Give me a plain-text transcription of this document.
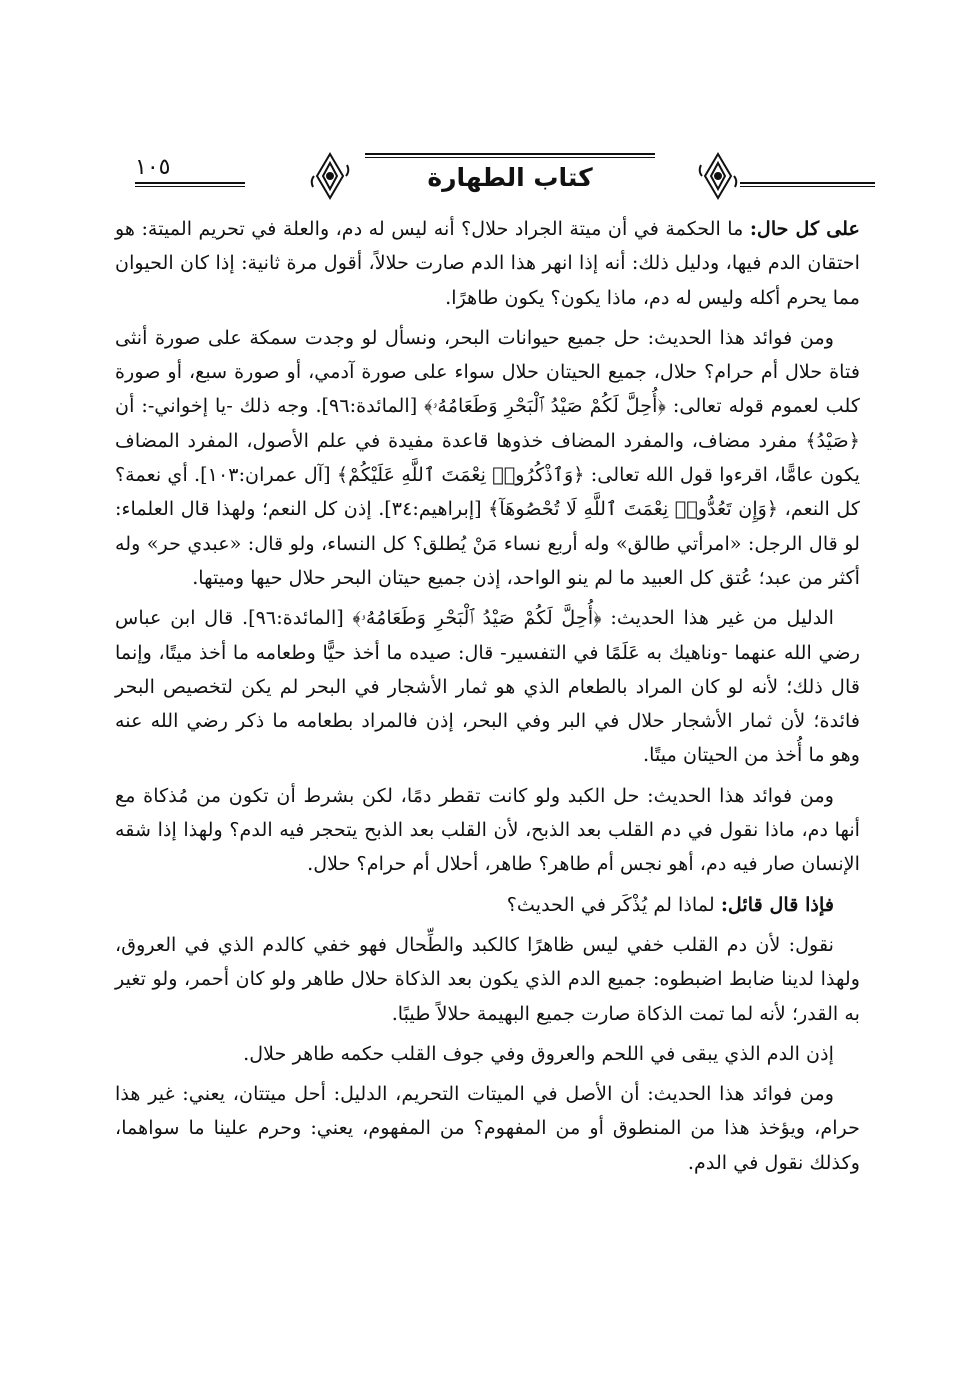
كتاب الطهارة
١٠٥

على كل حال: ما الحكمة في أن ميتة الجراد حلال؟ أنه ليس له دم، والعلة في تحريم الميتة: هو احتقان الدم فيها، ودليل ذلك: أنه إذا انهر هذا الدم صارت حلالاً، أقول مرة ثانية: إذا كان الحيوان مما يحرم أكله وليس له دم، ماذا يكون؟ يكون طاهرًا.

ومن فوائد هذا الحديث: حل جميع حيوانات البحر، ونسأل لو وجدت سمكة على صورة أنثى فتاة حلال أم حرام؟ حلال، جميع الحيتان حلال سواء على صورة آدمي، أو صورة سبع، أو صورة كلب لعموم قوله تعالى: ﴿أُحِلَّ لَكُمْ صَيْدُ ٱلْبَحْرِ وَطَعَامُهُۥ﴾ [المائدة:٩٦]. وجه ذلك -يا إخواني-: أن ﴿صَيْدُ﴾ مفرد مضاف، والمفرد المضاف خذوها قاعدة مفيدة في علم الأصول، المفرد المضاف يكون عامًّا، اقرءوا قول الله تعالى: ﴿وَٱذْكُرُوا۟ نِعْمَتَ ٱللَّهِ عَلَيْكُمْ﴾ [آل عمران:١٠٣]. أي نعمة؟ كل النعم، ﴿وَإِن تَعُدُّوا۟ نِعْمَتَ ٱللَّهِ لَا تُحْصُوهَآ﴾ [إبراهيم:٣٤]. إذن كل النعم؛ ولهذا قال العلماء: لو قال الرجل: «امرأتي طالق» وله أربع نساء مَنْ يُطلق؟ كل النساء، ولو قال: «عبدي حر» وله أكثر من عبد؛ عُتق كل العبيد ما لم ينو الواحد، إذن جميع حيتان البحر حلال حيها وميتها.

الدليل من غير هذا الحديث: ﴿أُحِلَّ لَكُمْ صَيْدُ ٱلْبَحْرِ وَطَعَامُهُۥ﴾ [المائدة:٩٦]. قال ابن عباس رضي الله عنهما -وناهيك به عَلَمًا في التفسير- قال: صيده ما أخذ حيًّا وطعامه ما أخذ ميتًا، وإنما قال ذلك؛ لأنه لو كان المراد بالطعام الذي هو ثمار الأشجار في البحر لم يكن لتخصيص البحر فائدة؛ لأن ثمار الأشجار حلال في البر وفي البحر، إذن فالمراد بطعامه ما ذكر رضي الله عنه وهو ما أُخذ من الحيتان ميتًا.

ومن فوائد هذا الحديث: حل الكبد ولو كانت تقطر دمًا، لكن بشرط أن تكون من مُذكاة مع أنها دم، ماذا نقول في دم القلب بعد الذبح، لأن القلب بعد الذبح يتحجر فيه الدم؟ ولهذا إذا شقه الإنسان صار فيه دم، أهو نجس أم طاهر؟ طاهر، أحلال أم حرام؟ حلال.

فإذا قال قائل: لماذا لم يُذْكَر في الحديث؟

نقول: لأن دم القلب خفي ليس ظاهرًا كالكبد والطِّحال فهو خفي كالدم الذي في العروق، ولهذا لدينا ضابط اضبطوه: جميع الدم الذي يكون بعد الذكاة حلال طاهر ولو كان أحمر، ولو تغير به القدر؛ لأنه لما تمت الذكاة صارت جميع البهيمة حلالاً طيبًا.

إذن الدم الذي يبقى في اللحم والعروق وفي جوف القلب حكمه طاهر حلال.

ومن فوائد هذا الحديث: أن الأصل في الميتات التحريم، الدليل: أحل ميتتان، يعني: غير هذا حرام، ويؤخذ هذا من المنطوق أو من المفهوم؟ من المفهوم، يعني: وحرم علينا ما سواهما، وكذلك نقول في الدم.
